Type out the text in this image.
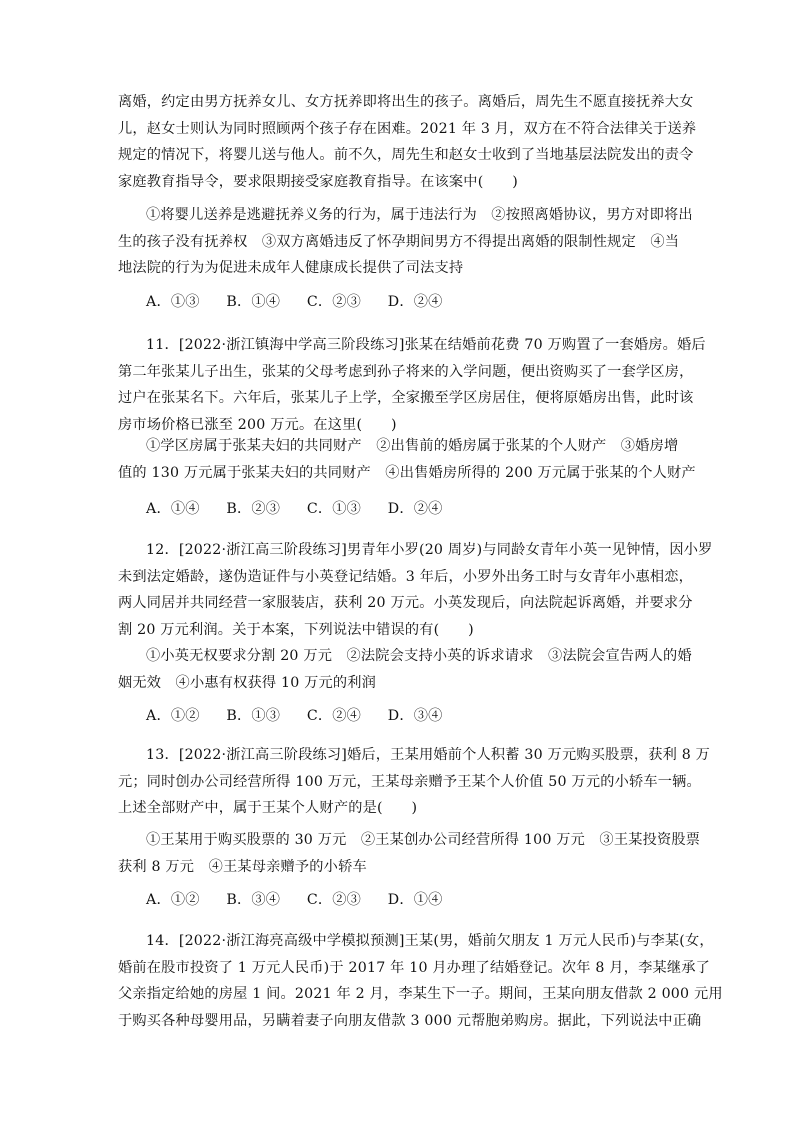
离婚，约定由男方抚养女儿、女方抚养即将出生的孩子。离婚后，周先生不愿直接抚养大女
儿，赵女士则认为同时照顾两个孩子存在困难。2021 年 3 月，双方在不符合法律关于送养
规定的情况下，将婴儿送与他人。前不久，周先生和赵女士收到了当地基层法院发出的责令
家庭教育指导令，要求限期接受家庭教育指导。在该案中(　　)
①将婴儿送养是逃避抚养义务的行为，属于违法行为　②按照离婚协议，男方对即将出
生的孩子没有抚养权　③双方离婚违反了怀孕期间男方不得提出离婚的限制性规定　④当
地法院的行为为促进未成年人健康成长提供了司法支持
A．①③ B．①④ C．②③ D．②④
11．[2022·浙江镇海中学高三阶段练习]张某在结婚前花费 70 万购置了一套婚房。婚后
第二年张某儿子出生，张某的父母考虑到孙子将来的入学问题，便出资购买了一套学区房，
过户在张某名下。六年后，张某儿子上学，全家搬至学区房居住，便将原婚房出售，此时该
房市场价格已涨至 200 万元。在这里(　　)
①学区房属于张某夫妇的共同财产　②出售前的婚房属于张某的个人财产　③婚房增
值的 130 万元属于张某夫妇的共同财产　④出售婚房所得的 200 万元属于张某的个人财产
A．①④ B．②③ C．①③ D．②④
12．[2022·浙江高三阶段练习]男青年小罗(20 周岁)与同龄女青年小英一见钟情，因小罗
未到法定婚龄，遂伪造证件与小英登记结婚。3 年后，小罗外出务工时与女青年小惠相恋，
两人同居并共同经营一家服装店，获利 20 万元。小英发现后，向法院起诉离婚，并要求分
割 20 万元利润。关于本案，下列说法中错误的有(　　)
①小英无权要求分割 20 万元　②法院会支持小英的诉求请求　③法院会宣告两人的婚
姻无效　④小惠有权获得 10 万元的利润
A．①② B．①③ C．②④ D．③④
13．[2022·浙江高三阶段练习]婚后，王某用婚前个人积蓄 30 万元购买股票，获利 8 万
元；同时创办公司经营所得 100 万元，王某母亲赠予王某个人价值 50 万元的小轿车一辆。
上述全部财产中，属于王某个人财产的是(　　)
①王某用于购买股票的 30 万元　②王某创办公司经营所得 100 万元　③王某投资股票
获利 8 万元　④王某母亲赠予的小轿车
A．①② B．③④ C．②③ D．①④
14．[2022·浙江海亮高级中学模拟预测]王某(男，婚前欠朋友 1 万元人民币)与李某(女，
婚前在股市投资了 1 万元人民币)于 2017 年 10 月办理了结婚登记。次年 8 月，李某继承了
父亲指定给她的房屋 1 间。2021 年 2 月，李某生下一子。期间，王某向朋友借款 2 000 元用
于购买各种母婴用品，另瞒着妻子向朋友借款 3 000 元帮胞弟购房。据此，下列说法中正确
